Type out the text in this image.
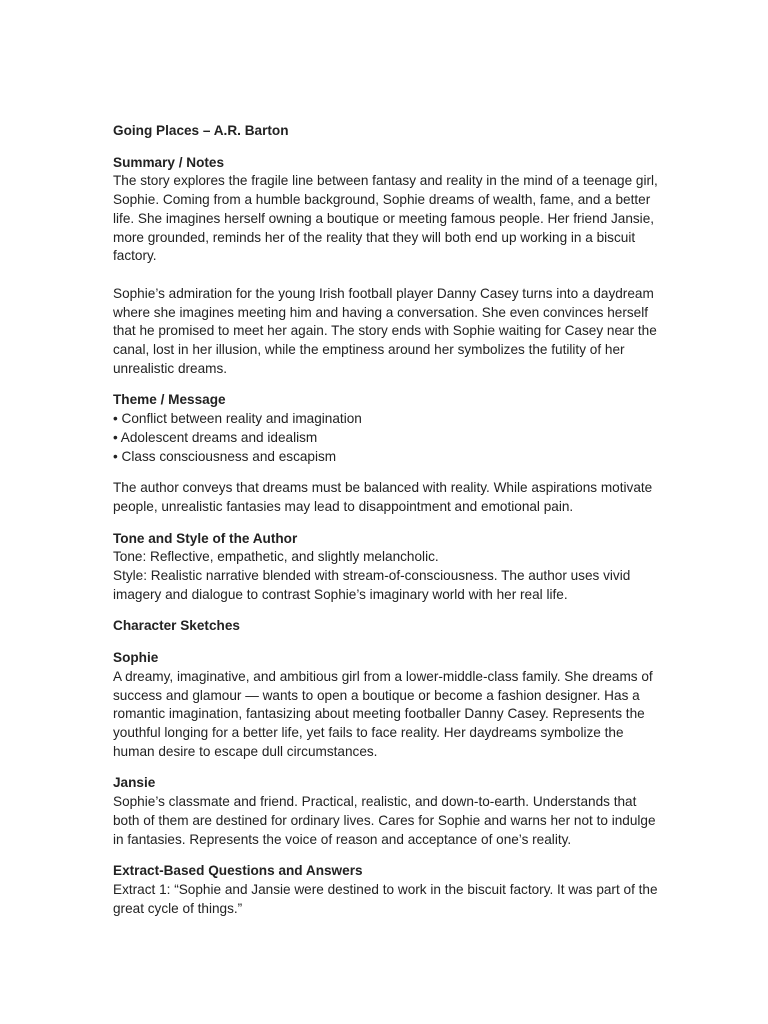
Going Places – A.R. Barton

Summary / Notes

The story explores the fragile line between fantasy and reality in the mind of a teenage girl, Sophie. Coming from a humble background, Sophie dreams of wealth, fame, and a better life. She imagines herself owning a boutique or meeting famous people. Her friend Jansie, more grounded, reminds her of the reality that they will both end up working in a biscuit factory.

Sophie’s admiration for the young Irish football player Danny Casey turns into a daydream where she imagines meeting him and having a conversation. She even convinces herself that he promised to meet her again. The story ends with Sophie waiting for Casey near the canal, lost in her illusion, while the emptiness around her symbolizes the futility of her unrealistic dreams.

Theme / Message

• Conflict between reality and imagination
• Adolescent dreams and idealism
• Class consciousness and escapism

The author conveys that dreams must be balanced with reality. While aspirations motivate people, unrealistic fantasies may lead to disappointment and emotional pain.

Tone and Style of the Author

Tone: Reflective, empathetic, and slightly melancholic.

Style: Realistic narrative blended with stream-of-consciousness. The author uses vivid imagery and dialogue to contrast Sophie’s imaginary world with her real life.

Character Sketches

Sophie

A dreamy, imaginative, and ambitious girl from a lower-middle-class family. She dreams of success and glamour — wants to open a boutique or become a fashion designer. Has a romantic imagination, fantasizing about meeting footballer Danny Casey. Represents the youthful longing for a better life, yet fails to face reality. Her daydreams symbolize the human desire to escape dull circumstances.

Jansie

Sophie’s classmate and friend. Practical, realistic, and down-to-earth. Understands that both of them are destined for ordinary lives. Cares for Sophie and warns her not to indulge in fantasies. Represents the voice of reason and acceptance of one’s reality.

Extract-Based Questions and Answers

Extract 1: “Sophie and Jansie were destined to work in the biscuit factory. It was part of the great cycle of things.”
